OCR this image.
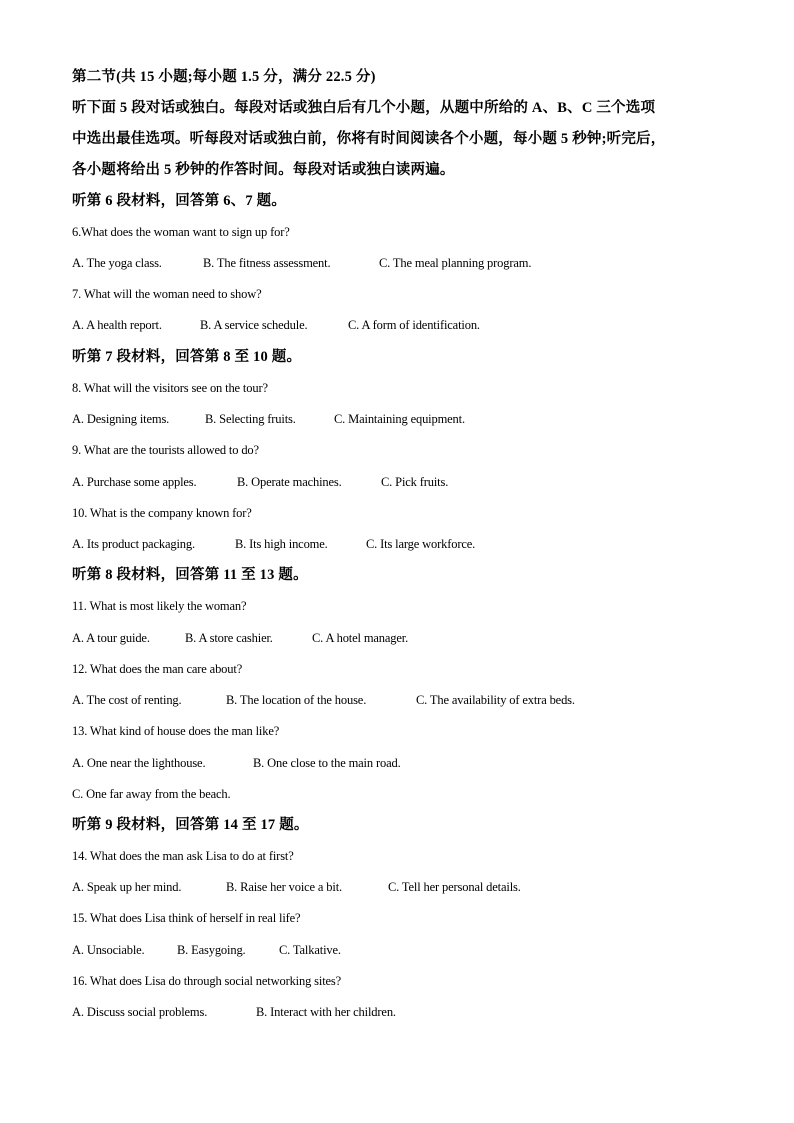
第二节(共 15 小题;每小题 1.5 分，满分 22.5 分)
听下面 5 段对话或独白。每段对话或独白后有几个小题，从题中所给的 A、B、C 三个选项
中选出最佳选项。听每段对话或独白前，你将有时间阅读各个小题，每小题 5 秒钟;听完后，
各小题将给出 5 秒钟的作答时间。每段对话或独白读两遍。
听第 6 段材料，回答第 6、7 题。
6.What does the woman want to sign up for?
A. The yoga class.	B. The fitness assessment.	C. The meal planning program.
7. What will the woman need to show?
A. A health report.	B. A service schedule.	C. A form of identification.
听第 7 段材料，回答第 8 至 10 题。
8. What will the visitors see on the tour?
A. Designing items.	B. Selecting fruits.	C. Maintaining equipment.
9. What are the tourists allowed to do?
A. Purchase some apples.	B. Operate machines.	C. Pick fruits.
10. What is the company known for?
A. Its product packaging.	B. Its high income.	C. Its large workforce.
听第 8 段材料，回答第 11 至 13 题。
11. What is most likely the woman?
A. A tour guide.	B. A store cashier.	C. A hotel manager.
12. What does the man care about?
A. The cost of renting.	B. The location of the house.	C. The availability of extra beds.
13. What kind of house does the man like?
A. One near the lighthouse.	B. One close to the main road.
C. One far away from the beach.
听第 9 段材料，回答第 14 至 17 题。
14. What does the man ask Lisa to do at first?
A. Speak up her mind.	B. Raise her voice a bit.	C. Tell her personal details.
15. What does Lisa think of herself in real life?
A. Unsociable.	B. Easygoing.	C. Talkative.
16. What does Lisa do through social networking sites?
A. Discuss social problems.	B. Interact with her children.
